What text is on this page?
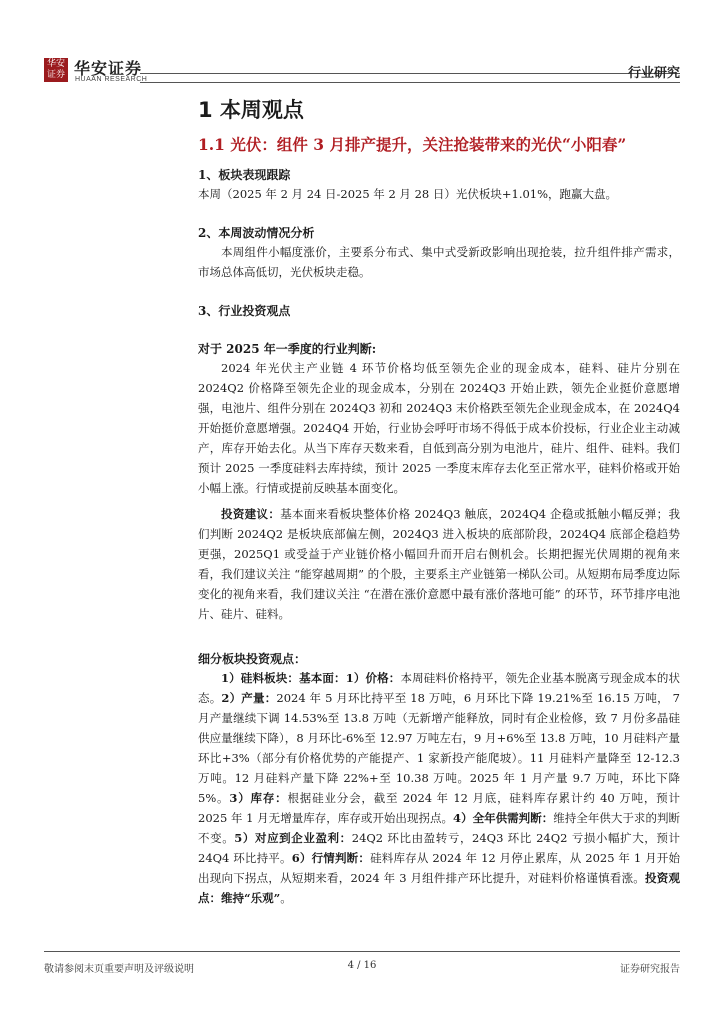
华安证券 华安证券
HUAAN RESEARCH	行业研究
1 本周观点
1.1 光伏：组件 3 月排产提升，关注抢装带来的光伏“小阳春”
1、板块表现跟踪

本周（2025 年 2 月 24 日-2025 年 2 月 28 日）光伏板块+1.01%，跑赢大盘。

2、本周波动情况分析

本周组件小幅度涨价，主要系分布式、集中式受新政影响出现抢装，拉升组件排产需求，市场总体高低切，光伏板块走稳。

3、行业投资观点
对于 2025 年一季度的行业判断:

2024 年光伏主产业链 4 环节价格均低至领先企业的现金成本，硅料、硅片分别在 2024Q2 价格降至领先企业的现金成本，分别在 2024Q3 开始止跌，领先企业挺价意愿增强，电池片、组件分别在 2024Q3 初和 2024Q3 末价格跌至领先企业现金成本，在 2024Q4 开始挺价意愿增强。2024Q4 开始，行业协会呼吁市场不得低于成本价投标，行业企业主动减产，库存开始去化。从当下库存天数来看，自低到高分别为电池片，硅片、组件、硅料。我们预计 2025 一季度硅料去库持续，预计 2025 一季度末库存去化至正常水平，硅料价格或开始小幅上涨。行情或提前反映基本面变化。

投资建议：基本面来看板块整体价格 2024Q3 触底，2024Q4 企稳或抵触小幅反弹；我们判断 2024Q2 是板块底部偏左侧，2024Q3 进入板块的底部阶段，2024Q4 底部企稳趋势更强，2025Q1 或受益于产业链价格小幅回升而开启右侧机会。长期把握光伏周期的视角来看，我们建议关注 “能穿越周期” 的个股，主要系主产业链第一梯队公司。从短期布局季度边际变化的视角来看，我们建议关注 “在潜在涨价意愿中最有涨价落地可能” 的环节，环节排序电池片、硅片、硅料。

细分板块投资观点：

1）硅料板块：基本面：1）价格：本周硅料价格持平，领先企业基本脱离亏现金成本的状态。2）产量：2024 年 5 月环比持平至 18 万吨，6 月环比下降 19.21%至 16.15 万吨， 7 月产量继续下调 14.53%至 13.8 万吨（无新增产能释放，同时有企业检修，致 7 月份多晶硅供应量继续下降），8 月环比-6%至 12.97 万吨左右，9 月+6%至 13.8 万吨，10 月硅料产量环比+3%（部分有价格优势的产能提产、1 家新投产能爬坡）。11 月硅料产量降至 12-12.3 万吨。12 月硅料产量下降 22%+至 10.38 万吨。2025 年 1 月产量 9.7 万吨，环比下降 5%。3）库存：根据硅业分会，截至 2024 年 12 月底，硅料库存累计约 40 万吨，预计 2025 年 1 月无增量库存，库存或开始出现拐点。4）全年供需判断：维持全年供大于求的判断不变。5）对应到企业盈利：24Q2 环比由盈转亏，24Q3 环比 24Q2 亏损小幅扩大，预计 24Q4 环比持平。6）行情判断：硅料库存从 2024 年 12 月停止累库，从 2025 年 1 月开始出现向下拐点，从短期来看，2024 年 3 月组件排产环比提升，对硅料价格谨慎看涨。投资观点：维持“乐观”。

敬请参阅末页重要声明及评级说明	4 / 16	证券研究报告
